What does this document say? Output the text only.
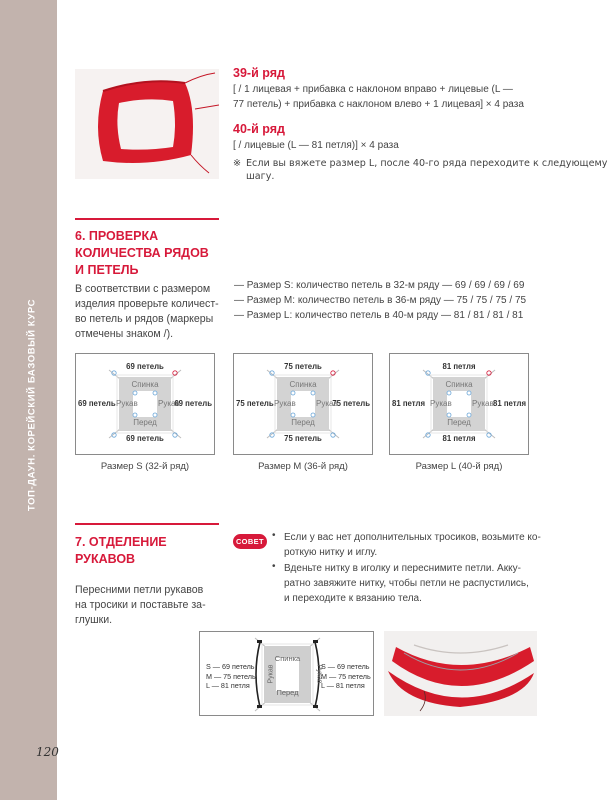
ТОП-ДАУН. КОРЕЙСКИЙ БАЗОВЫЙ КУРС
120
39-й ряд
[ / 1 лицевая + прибавка с наклоном вправо + лицевые (L —
77 петель) + прибавка с наклоном влево + 1 лицевая] × 4 раза
40-й ряд
[ / лицевые (L — 81 петля)] × 4 раза
※ Если вы вяжете размер L, после 40-го ряда переходите к следующему
шагу.
6. ПРОВЕРКА
КОЛИЧЕСТВА РЯДОВ
И ПЕТЕЛЬ
В соответствии с размером
изделия проверьте количест-
во петель и рядов (маркеры
отмечены знаком /).
— Размер S: количество петель в 32-м ряду — 69 / 69 / 69 / 69
— Размер M: количество петель в 36-м ряду — 75 / 75 / 75 / 75
— Размер L: количество петель в 40-м ряду — 81 / 81 / 81 / 81
69 петель
69 петель
69 петель	69 петель
Спинка
Перед
Рукав	Рукав
75 петель
75 петель
75 петель	75 петель
Спинка
Перед
Рукав	Рукав
81 петля
81 петля
81 петля	81 петля
Спинка
Перед
Рукав	Рукав
Размер S (32-й ряд)	Размер M (36-й ряд)	Размер L (40-й ряд)
7. ОТДЕЛЕНИЕ
РУКАВОВ
Пересними петли рукавов
на тросики и поставьте за-
глушки.
СОВЕТ
• Если у вас нет дополнительных тросиков, возьмите ко-
роткую нитку и иглу.
• Вденьте нитку в иголку и переснимите петли. Акку-
ратно завяжите нитку, чтобы петли не распустились,
и переходите к вязанию тела.
Спинка
Перед
Рукав	Рукав
S — 69 петель
M — 75 петель
L — 81 петля
S — 69 петель
M — 75 петель
L — 81 петля
